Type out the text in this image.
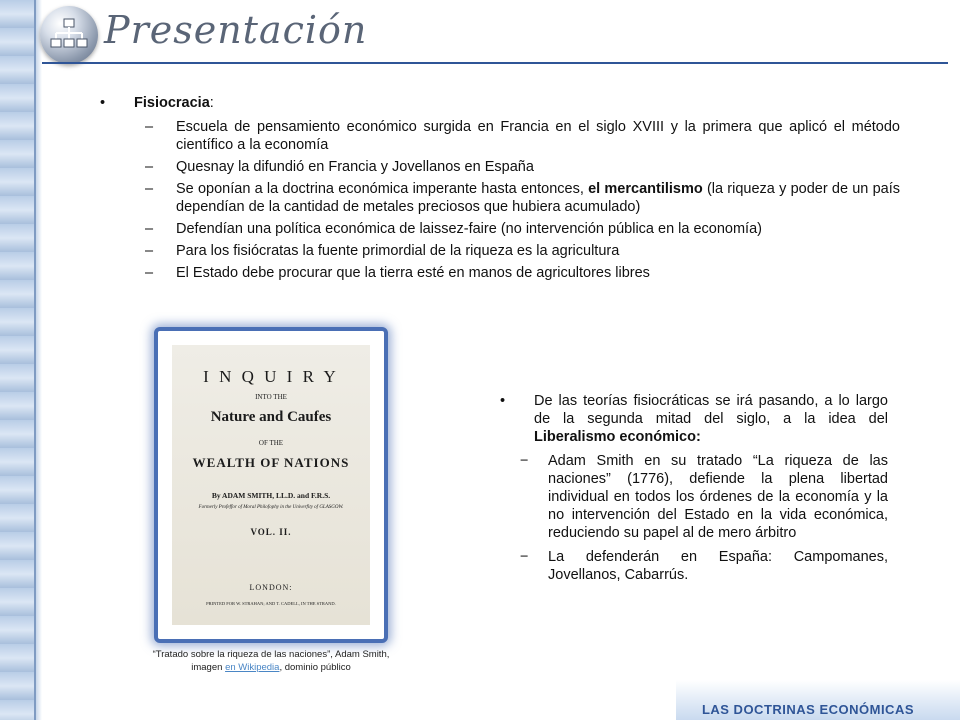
Presentación
•	Fisiocracia:
–	Escuela de pensamiento económico surgida en Francia en el siglo XVIII y la primera que aplicó el método científico a la economía
–	Quesnay la difundió en Francia y Jovellanos en España
–	Se oponían a la doctrina económica imperante hasta entonces, el mercantilismo (la riqueza y poder de un país dependían de la cantidad de metales preciosos que hubiera acumulado)
–	Defendían una política económica de laissez-faire (no intervención pública en la economía)
–	Para los fisiócratas la fuente primordial de la riqueza es la agricultura
–	El Estado debe procurar que la tierra esté en manos de agricultores libres
I N Q U I R Y
INTO THE
Nature and Caufes
OF THE
WEALTH OF NATIONS
By ADAM SMITH, LL.D. and F.R.S.
Formerly Profeffor of Moral Philofophy in the Univerfity of GLASGOW.
VOL. II.
LONDON:
PRINTED FOR W. STRAHAN; AND T. CADELL, IN THE STRAND.
“Tratado sobre la riqueza de las naciones”, Adam Smith,
imagen en Wikipedia, dominio público
•	De las teorías fisiocráticas se irá pasando, a lo largo de la segunda mitad del siglo, a la idea del Liberalismo económico:
−	Adam Smith en su tratado “La riqueza de las naciones” (1776), defiende la plena libertad individual en todos los órdenes de la economía y la no intervención del Estado en la vida económica, reduciendo su papel al de mero árbitro
−	La defenderán en España: Campomanes, Jovellanos, Cabarrús.
LAS DOCTRINAS ECONÓMICAS
